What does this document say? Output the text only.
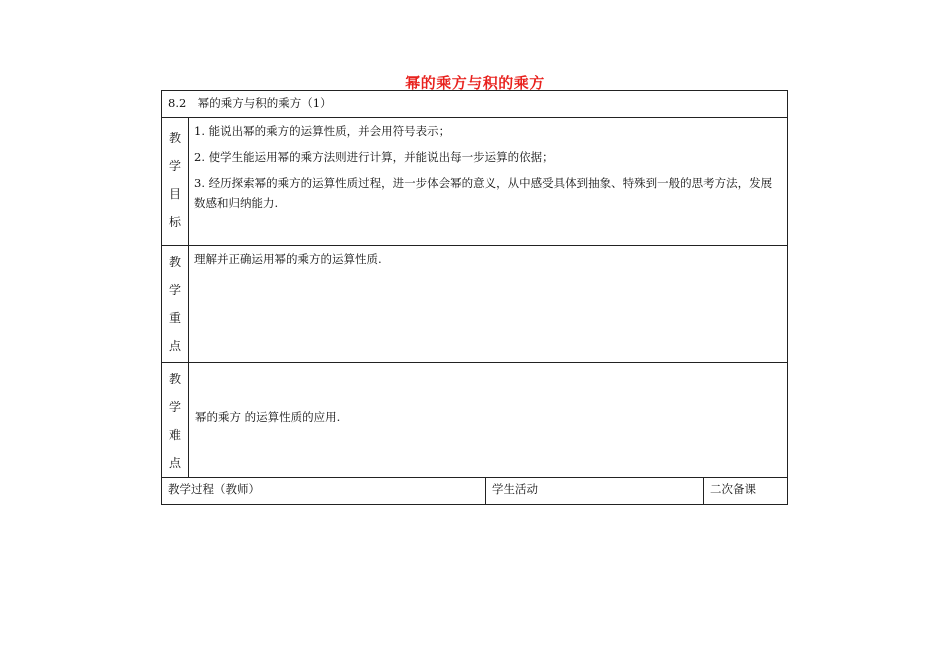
幂的乘方与积的乘方
8.2　幂的乘方与积的乘方（1）
教
学
目
标

1. 能说出幂的乘方的运算性质，并会用符号表示；

2. 使学生能运用幂的乘方法则进行计算，并能说出每一步运算的依据；

3. 经历探索幂的乘方的运算性质过程，进一步体会幂的意义，从中感受具体到抽象、特殊到一般的思考方法，发展

数感和归纳能力.

教
学
重
点

理解并正确运用幂的乘方的运算性质.

教
学
难
点

幂的乘方 的运算性质的应用.

教学过程（教师）	学生活动	二次备课
